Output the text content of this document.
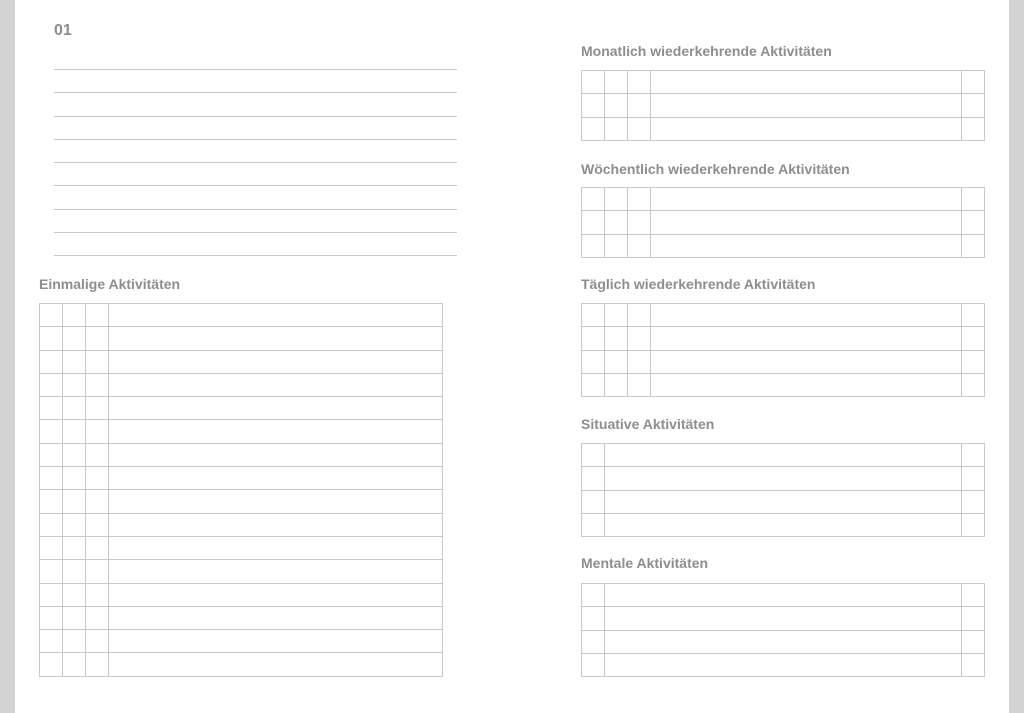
01
Einmalige Aktivitäten

Monatlich wiederkehrende Aktivitäten

Wöchentlich wiederkehrende Aktivitäten

Täglich wiederkehrende Aktivitäten

Situative Aktivitäten

Mentale Aktivitäten
